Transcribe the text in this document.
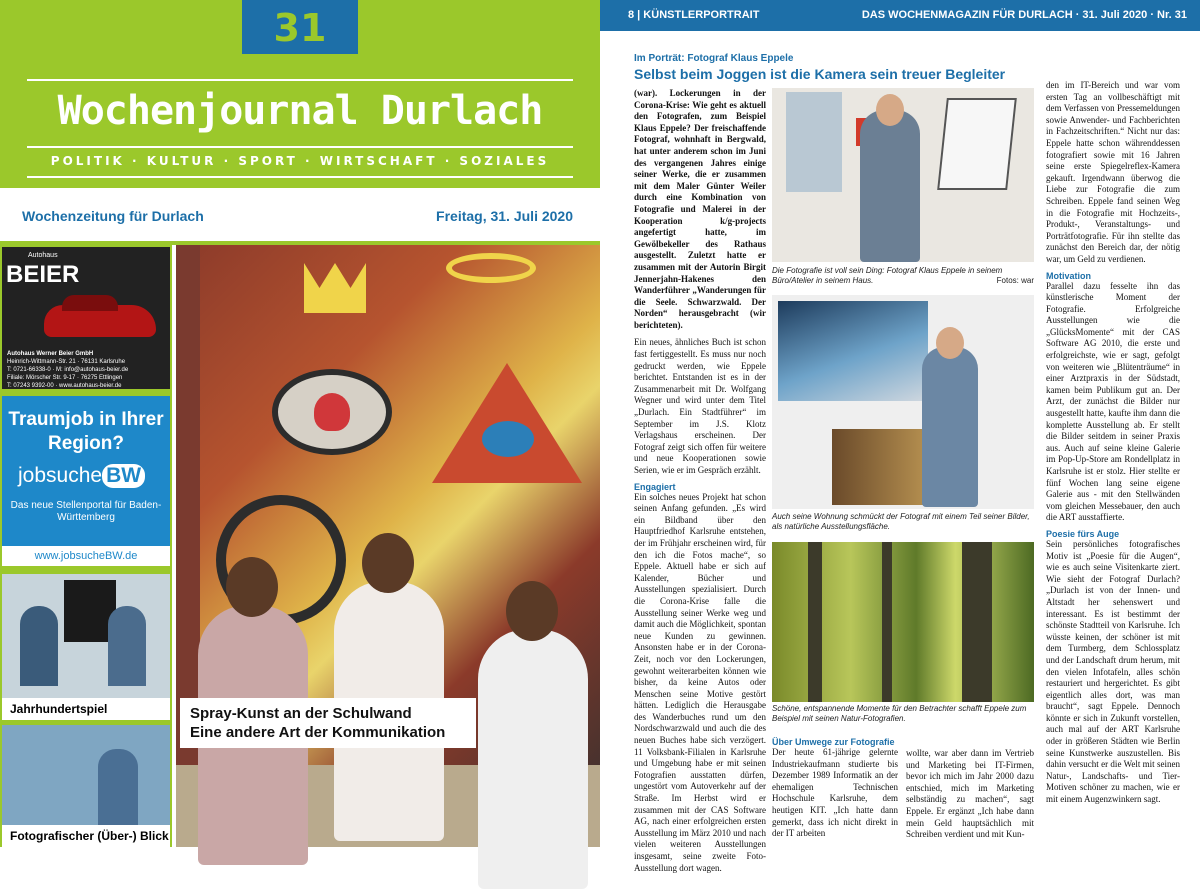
31
Wochenjournal Durlach
POLITIK · KULTUR · SPORT · WIRTSCHAFT · SOZIALES
Wochenzeitung für Durlach	Freitag, 31. Juli 2020
Autohaus
BEIER
Autohaus Werner Beier GmbH
Heinrich-Wittmann-Str. 21 · 76131 Karlsruhe
T: 0721-66338-0 · M: info@autohaus-beier.de
Filiale: Mörscher Str. 9-17 · 76275 Ettlingen
T: 07243 9392-00 · www.autohaus-beier.de
Traumjob in Ihrer Region?
jobsuche BW
Das neue Stellenportal für Baden-Württemberg
www.jobsucheBW.de
Jahrhundertspiel
Fotografischer (Über-) Blick
Spray-Kunst an der Schulwand
Eine andere Art der Kommunikation
8 | KÜNSTLERPORTRAIT	DAS WOCHENMAGAZIN FÜR DURLACH · 31. Juli 2020 · Nr. 31
Im Porträt: Fotograf Klaus Eppele
Selbst beim Joggen ist die Kamera sein treuer Begleiter

(war). Lockerungen in der Corona-Krise: Wie geht es aktuell den Fotografen, zum Beispiel Klaus Eppele? Der freischaffende Fotograf, wohnhaft in Bergwald, hat unter anderem schon im Juni des vergangenen Jahres einige seiner Werke, die er zusammen mit dem Maler Günter Weiler durch eine Kombination von Fotografie und Malerei in der Kooperation k/g-projects angefertigt hatte, im Gewölbekeller des Rathaus ausgestellt. Zuletzt hatte er zusammen mit der Autorin Birgit Jennerjahn-Hakenes den Wanderführer „Wanderungen für die Seele. Schwarzwald. Der Norden“ herausgebracht (wir berichteten).

Ein neues, ähnliches Buch ist schon fast fertiggestellt. Es muss nur noch gedruckt werden, wie Eppele berichtet. Entstanden ist es in der Zusammenarbeit mit Dr. Wolfgang Wegner und wird unter dem Titel „Durlach. Ein Stadtführer“ im September im J.S. Klotz Verlagshaus erscheinen. Der Fotograf zeigt sich offen für weitere und neue Kooperationen sowie Serien, wie er im Gespräch erzählt.

Engagiert

Ein solches neues Projekt hat schon seinen Anfang gefunden. „Es wird ein Bildband über den Hauptfriedhof Karlsruhe entstehen, der im Frühjahr erscheinen wird, für den ich die Fotos mache“, so Eppele. Aktuell habe er sich auf Kalender, Bücher und Ausstellungen spezialisiert. Durch die Corona-Krise falle die Ausstellung seiner Werke weg und damit auch die Möglichkeit, spontan neue Kunden zu gewinnen. Ansonsten habe er in der Corona-Zeit, noch vor den Lockerungen, gewohnt weiterarbeiten können wie bisher, da keine Autos oder Menschen seine Motive gestört hätten. Lediglich die Herausgabe des Wanderbuches rund um den Nordschwarzwald und auch die des neuen Buches habe sich verzögert. 11 Volksbank-Filialen in Karlsruhe und Umgebung habe er mit seinen Fotografien ausstatten dürfen, ungestört vom Autoverkehr auf der Straße. Im Herbst wird er zusammen mit der CAS Software AG, nach einer erfolgreichen ersten Ausstellung im März 2010 und nach vielen weiteren Ausstellungen insgesamt, seine zweite Foto-Ausstellung dort wagen.

Die Fotografie ist voll sein Ding: Fotograf Klaus Eppele in seinem Büro/Atelier in seinem Haus.	Fotos: war
Auch seine Wohnung schmückt der Fotograf mit einem Teil seiner Bilder, als natürliche Ausstellungsfläche.
Schöne, entspannende Momente für den Betrachter schafft Eppele zum Beispiel mit seinen Natur-Fotografien.
Über Umwege zur Fotografie

Der heute 61-jährige gelernte Industriekaufmann studierte bis Dezember 1989 Informatik an der ehemaligen Technischen Hochschule Karlsruhe, dem heutigen KIT. „Ich hatte dann gemerkt, dass ich nicht direkt in der IT arbeiten

wollte, war aber dann im Vertrieb und Marketing bei IT-Firmen, bevor ich mich im Jahr 2000 dazu entschied, mich im Marketing selbständig zu machen“, sagt Eppele. Er ergänzt „Ich habe dann mein Geld hauptsächlich mit Schreiben verdient und mit Kun-

den im IT-Bereich und war vom ersten Tag an vollbeschäftigt mit dem Verfassen von Pressemeldungen sowie Anwender- und Fachberichten in Fachzeitschriften.“ Nicht nur das: Eppele hatte schon währenddessen fotografiert sowie mit 16 Jahren seine erste Spiegelreflex-Kamera gekauft. Irgendwann überwog die Liebe zur Fotografie die zum Schreiben. Eppele fand seinen Weg in die Fotografie mit Hochzeits-, Produkt-, Veranstaltungs- und Porträtfotografie. Für ihn stellte das zunächst den Bereich dar, der nötig war, um Geld zu verdienen.

Motivation

Parallel dazu fesselte ihn das künstlerische Moment der Fotografie. Erfolgreiche Ausstellungen wie die „GlücksMomente“ mit der CAS Software AG 2010, die erste und erfolgreichste, wie er sagt, gefolgt von weiteren wie „Blütenträume“ in einer Arztpraxis in der Südstadt, kamen beim Publikum gut an. Der Arzt, der zunächst die Bilder nur ausgestellt hatte, kaufte ihm dann die komplette Ausstellung ab. Er stellt die Bilder seitdem in seiner Praxis aus. Auch auf seine kleine Galerie im Pop-Up-Store am Rondellplatz in Karlsruhe ist er stolz. Hier stellte er fünf Wochen lang seine eigene Galerie aus - mit den Stellwänden vom gleichen Messebauer, den auch die ART ausstaffierte.

Poesie fürs Auge

Sein persönliches fotografisches Motiv ist „Poesie für die Augen“, wie es auch seine Visitenkarte ziert. Wie sieht der Fotograf Durlach? „Durlach ist von der Innen- und Altstadt her sehenswert und interessant. Es ist bestimmt der schönste Stadtteil von Karlsruhe. Ich wüsste keinen, der schöner ist mit dem Turmberg, dem Schlossplatz und der Landschaft drum herum, mit den vielen Infotafeln, alles schön restauriert und hergerichtet. Es gibt eigentlich alles dort, was man braucht“, sagt Eppele. Dennoch könnte er sich in Zukunft vorstellen, auch mal auf der ART Karlsruhe oder in größeren Städten wie Berlin seine Kunstwerke auszustellen. Bis dahin versucht er die Welt mit seinen Natur-, Landschafts- und Tier-Motiven schöner zu machen, wie er mit einem Augenzwinkern sagt.
